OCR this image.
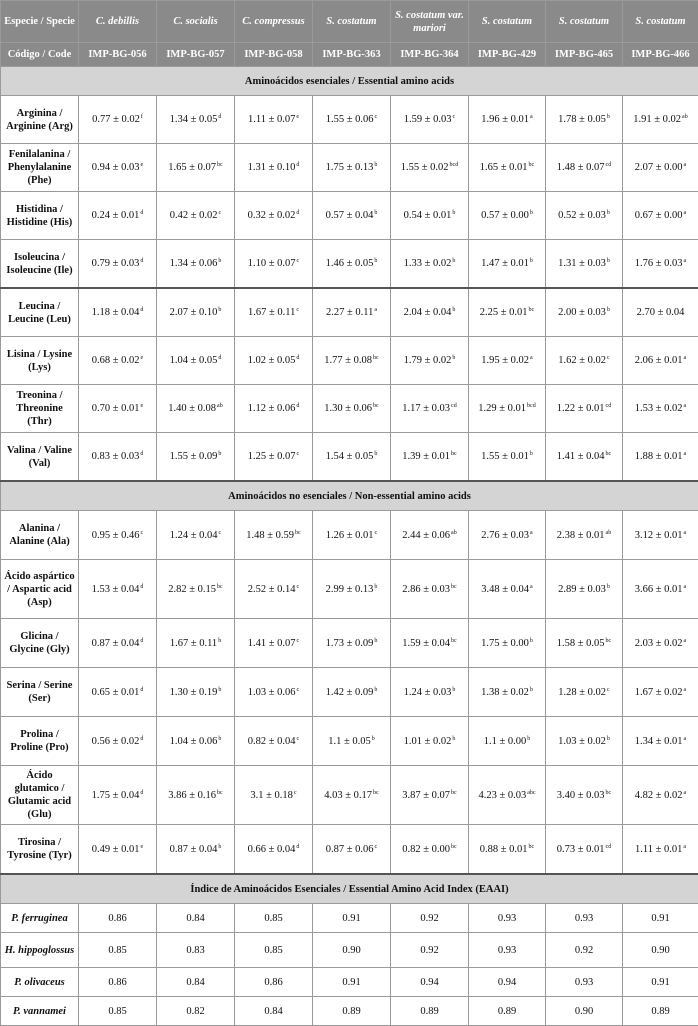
Especie / Specie	C. debillis	C. socialis	C. compressus	S. costatum	S. costatum var. mariori	S. costatum	S. costatum	S. costatum
Código / Code	IMP-BG-056	IMP-BG-057	IMP-BG-058	IMP-BG-363	IMP-BG-364	IMP-BG-429	IMP-BG-465	IMP-BG-466
Aminoácidos esenciales / Essential amino acids								
Arginina / Arginine (Arg)	0.77 ± 0.02$^f$	1.34 ± 0.05$^d$	1.11 ± 0.07$^e$	1.55 ± 0.06$^c$	1.59 ± 0.03$^c$	1.96 ± 0.01$^a$	1.78 ± 0.05$^b$	1.91 ± 0.02$^{ab}$
Fenilalanina / Phenylalanine (Phe)	0.94 ± 0.03$^e$	1.65 ± 0.07$^{bc}$	1.31 ± 0.10$^d$	1.75 ± 0.13$^b$	1.55 ± 0.02$^{bcd}$	1.65 ± 0.01$^{bc}$	1.48 ± 0.07$^{cd}$	2.07 ± 0.00$^a$
Histidina / Histidine (His)	0.24 ± 0.01$^d$	0.42 ± 0.02$^c$	0.32 ± 0.02$^d$	0.57 ± 0.04$^b$	0.54 ± 0.01$^b$	0.57 ± 0.00$^b$	0.52 ± 0.03$^b$	0.67 ± 0.00$^a$
Isoleucina / Isoleucine (Ile)	0.79 ± 0.03$^d$	1.34 ± 0.06$^b$	1.10 ± 0.07$^c$	1.46 ± 0.05$^b$	1.33 ± 0.02$^b$	1.47 ± 0.01$^b$	1.31 ± 0.03$^b$	1.76 ± 0.03$^a$
Leucina / Leucine (Leu)	1.18 ± 0.04$^d$	2.07 ± 0.10$^b$	1.67 ± 0.11$^c$	2.27 ± 0.11$^a$	2.04 ± 0.04$^b$	2.25 ± 0.01$^{bc}$	2.00 ± 0.03$^b$	2.70 ± 0.04
Lisina / Lysine (Lys)	0.68 ± 0.02$^e$	1.04 ± 0.05$^d$	1.02 ± 0.05$^d$	1.77 ± 0.08$^{bc}$	1.79 ± 0.02$^b$	1.95 ± 0.02$^a$	1.62 ± 0.02$^c$	2.06 ± 0.01$^a$
Treonina / Threonine (Thr)	0.70 ± 0.01$^e$	1.40 ± 0.08$^{ab}$	1.12 ± 0.06$^d$	1.30 ± 0.06$^{bc}$	1.17 ± 0.03$^{cd}$	1.29 ± 0.01$^{bcd}$	1.22 ± 0.01$^{cd}$	1.53 ± 0.02$^a$
Valina / Valine (Val)	0.83 ± 0.03$^d$	1.55 ± 0.09$^b$	1.25 ± 0.07$^c$	1.54 ± 0.05$^b$	1.39 ± 0.01$^{bc}$	1.55 ± 0.01$^b$	1.41 ± 0.04$^{bc}$	1.88 ± 0.01$^a$
Aminoácidos no esenciales / Non-essential amino acids								
Alanina / Alanine (Ala)	0.95 ± 0.46$^c$	1.24 ± 0.04$^c$	1.48 ± 0.59$^{bc}$	1.26 ± 0.01$^c$	2.44 ± 0.06$^{ab}$	2.76 ± 0.03$^a$	2.38 ± 0.01$^{ab}$	3.12 ± 0.01$^a$
Ácido aspártico / Aspartic acid (Asp)	1.53 ± 0.04$^d$	2.82 ± 0.15$^{bc}$	2.52 ± 0.14$^c$	2.99 ± 0.13$^b$	2.86 ± 0.03$^{bc}$	3.48 ± 0.04$^a$	2.89 ± 0.03$^b$	3.66 ± 0.01$^a$
Glicina / Glycine (Gly)	0.87 ± 0.04$^d$	1.67 ± 0.11$^b$	1.41 ± 0.07$^c$	1.73 ± 0.09$^b$	1.59 ± 0.04$^{bc}$	1.75 ± 0.00$^b$	1.58 ± 0.05$^{bc}$	2.03 ± 0.02$^a$
Serina / Serine (Ser)	0.65 ± 0.01$^d$	1.30 ± 0.19$^b$	1.03 ± 0.06$^c$	1.42 ± 0.09$^b$	1.24 ± 0.03$^b$	1.38 ± 0.02$^b$	1.28 ± 0.02$^c$	1.67 ± 0.02$^a$
Prolina / Proline (Pro)	0.56 ± 0.02$^d$	1.04 ± 0.06$^b$	0.82 ± 0.04$^c$	1.1 ± 0.05$^b$	1.01 ± 0.02$^b$	1.1 ± 0.00$^b$	1.03 ± 0.02$^b$	1.34 ± 0.01$^a$
Ácido glutamico / Glutamic acid (Glu)	1.75 ± 0.04$^d$	3.86 ± 0.16$^{bc}$	3.1 ± 0.18$^c$	4.03 ± 0.17$^{bc}$	3.87 ± 0.07$^{bc}$	4.23 ± 0.03$^{abc}$	3.40 ± 0.03$^{bc}$	4.82 ± 0.02$^a$
Tirosina / Tyrosine (Tyr)	0.49 ± 0.01$^e$	0.87 ± 0.04$^b$	0.66 ± 0.04$^d$	0.87 ± 0.06$^c$	0.82 ± 0.00$^{bc}$	0.88 ± 0.01$^{bc}$	0.73 ± 0.01$^{cd}$	1.11 ± 0.01$^a$
Índice de Aminoácidos Esenciales / Essential Amino Acid Index (EAAI)								
P. ferruginea	0.86	0.84	0.85	0.91	0.92	0.93	0.93	0.91
H. hippoglossus	0.85	0.83	0.85	0.90	0.92	0.93	0.92	0.90
P. olivaceus	0.86	0.84	0.86	0.91	0.94	0.94	0.93	0.91
P. vannamei	0.85	0.82	0.84	0.89	0.89	0.89	0.90	0.89
